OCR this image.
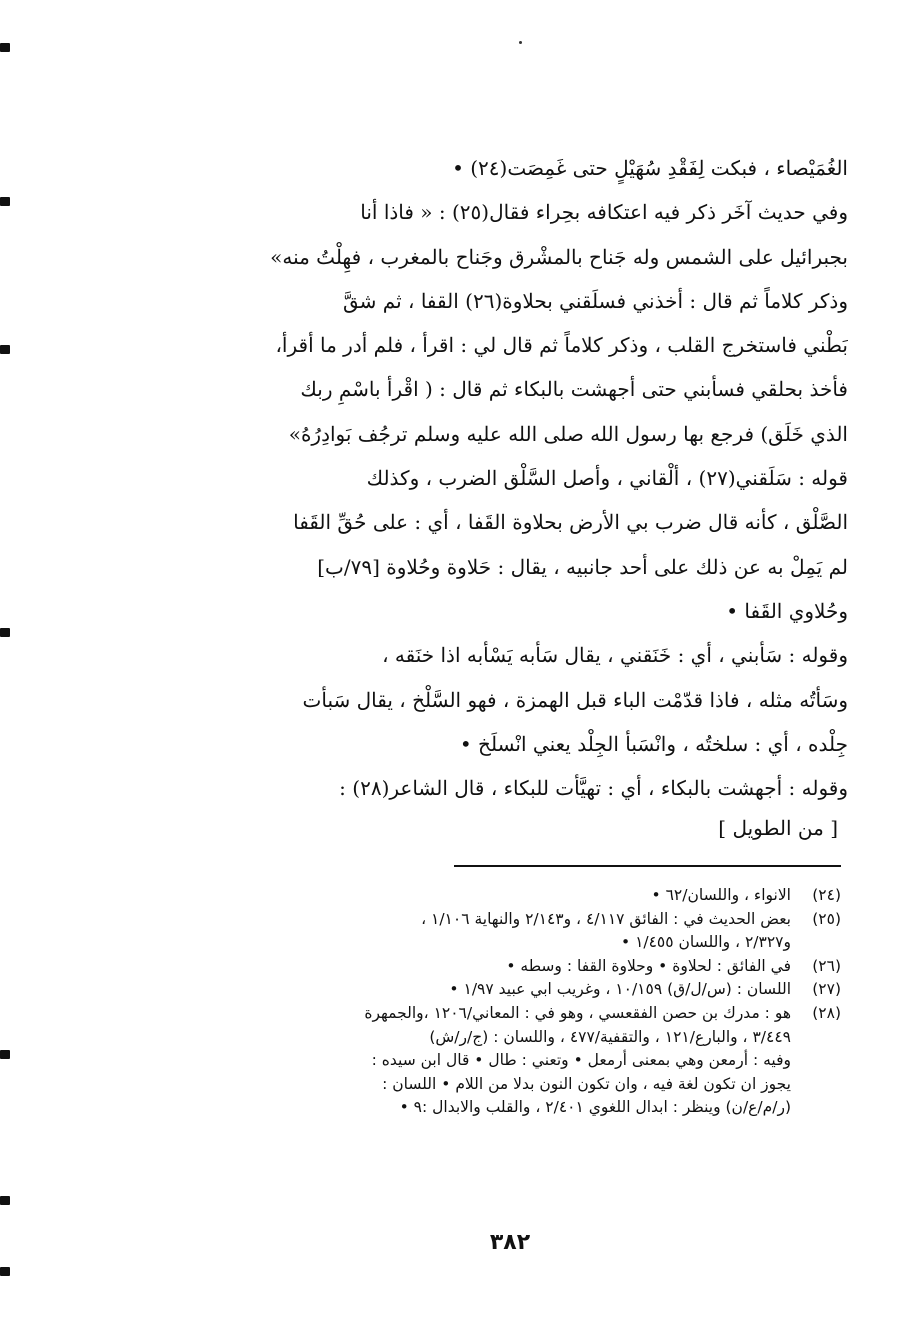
الغُمَيْصاء ، فبكت لِفَقْدِ سُهَيْلٍ حتى غَمِصَت(٢٤) •
وفي حديث آخَر ذكر فيه اعتكافه بحِراء فقال(٢٥) : « فاذا أنا
بجبرائيل على الشمس وله جَناح بالمشْرق وجَناح بالمغرب ، فهِلْتُ منه»
وذكر كلاماً ثم قال : أخذني فسلَقني بحلاوة(٢٦) القفا ، ثم شقَّ
بَطْني فاستخرج القلب ، وذكر كلاماً ثم قال لي : اقرأ ، فلم أدر ما أقرأ،
فأخذ بحلقي فسأبني حتى أجهشت بالبكاء ثم قال : ( اقْرأ باسْمِ ربك
الذي خَلَق) فرجع بها رسول الله صلى الله عليه وسلم ترجُف بَوادِرُهُ»
قوله : سَلَقني(٢٧) ، ألْقاني ، وأصل السَّلْق الضرب ، وكذلك
الصَّلْق ، كأنه قال ضرب بي الأرض بحلاوة القَفا ، أي : على حُقِّ القَفا
لم يَمِلْ به عن ذلك على أحد جانبيه ، يقال : حَلاوة وحُلاوة [٧٩/ب]
وحُلاوي القَفا •
وقوله : سَأبني ، أي : خَنَقني ، يقال سَأبه يَسْأبه اذا خنَقه ،
وسَأتُه مثله ، فاذا قدّمْت الباء قبل الهمزة ، فهو السَّلْخ ، يقال سَبأت
جِلْده ، أي : سلختُه ، وانْسَبأ الجِلْد يعني انْسلَخ •
وقوله : أجهشت بالبكاء ، أي : تهيَّأت للبكاء ، قال الشاعر(٢٨) :
[ من الطويل ]
(٢٤)
الانواء ، واللسان/٦٢ •
(٢٥)
بعض الحديث في : الفائق ٤/١١٧ ، و٢/١٤٣ والنهاية ١/١٠٦ ،
و٢/٣٢٧ ، واللسان ١/٤٥٥ •
(٢٦)
في الفائق : لحلاوة • وحلاوة القفا : وسطه •
(٢٧)
اللسان : (س/ل/ق) ١٠/١٥٩ ، وغريب ابي عبيد ١/٩٧ •
(٢٨)
هو : مدرك بن حصن الفقعسي ، وهو في : المعاني/١٢٠٦ ،والجمهرة
٣/٤٤٩ ، والبارع/١٢١ ، والتقفية/٤٧٧ ، واللسان : (ج/ر/ش)
وفيه : أرمعن وهي بمعنى أرمعل • وتعني : طال • قال ابن سيده :
يجوز ان تكون لغة فيه ، وان تكون النون بدلا من اللام • اللسان :
(ر/م/ع/ن) وينظر : ابدال اللغوي ٢/٤٠١ ، والقلب والابدال :٩ •
٣٨٢
